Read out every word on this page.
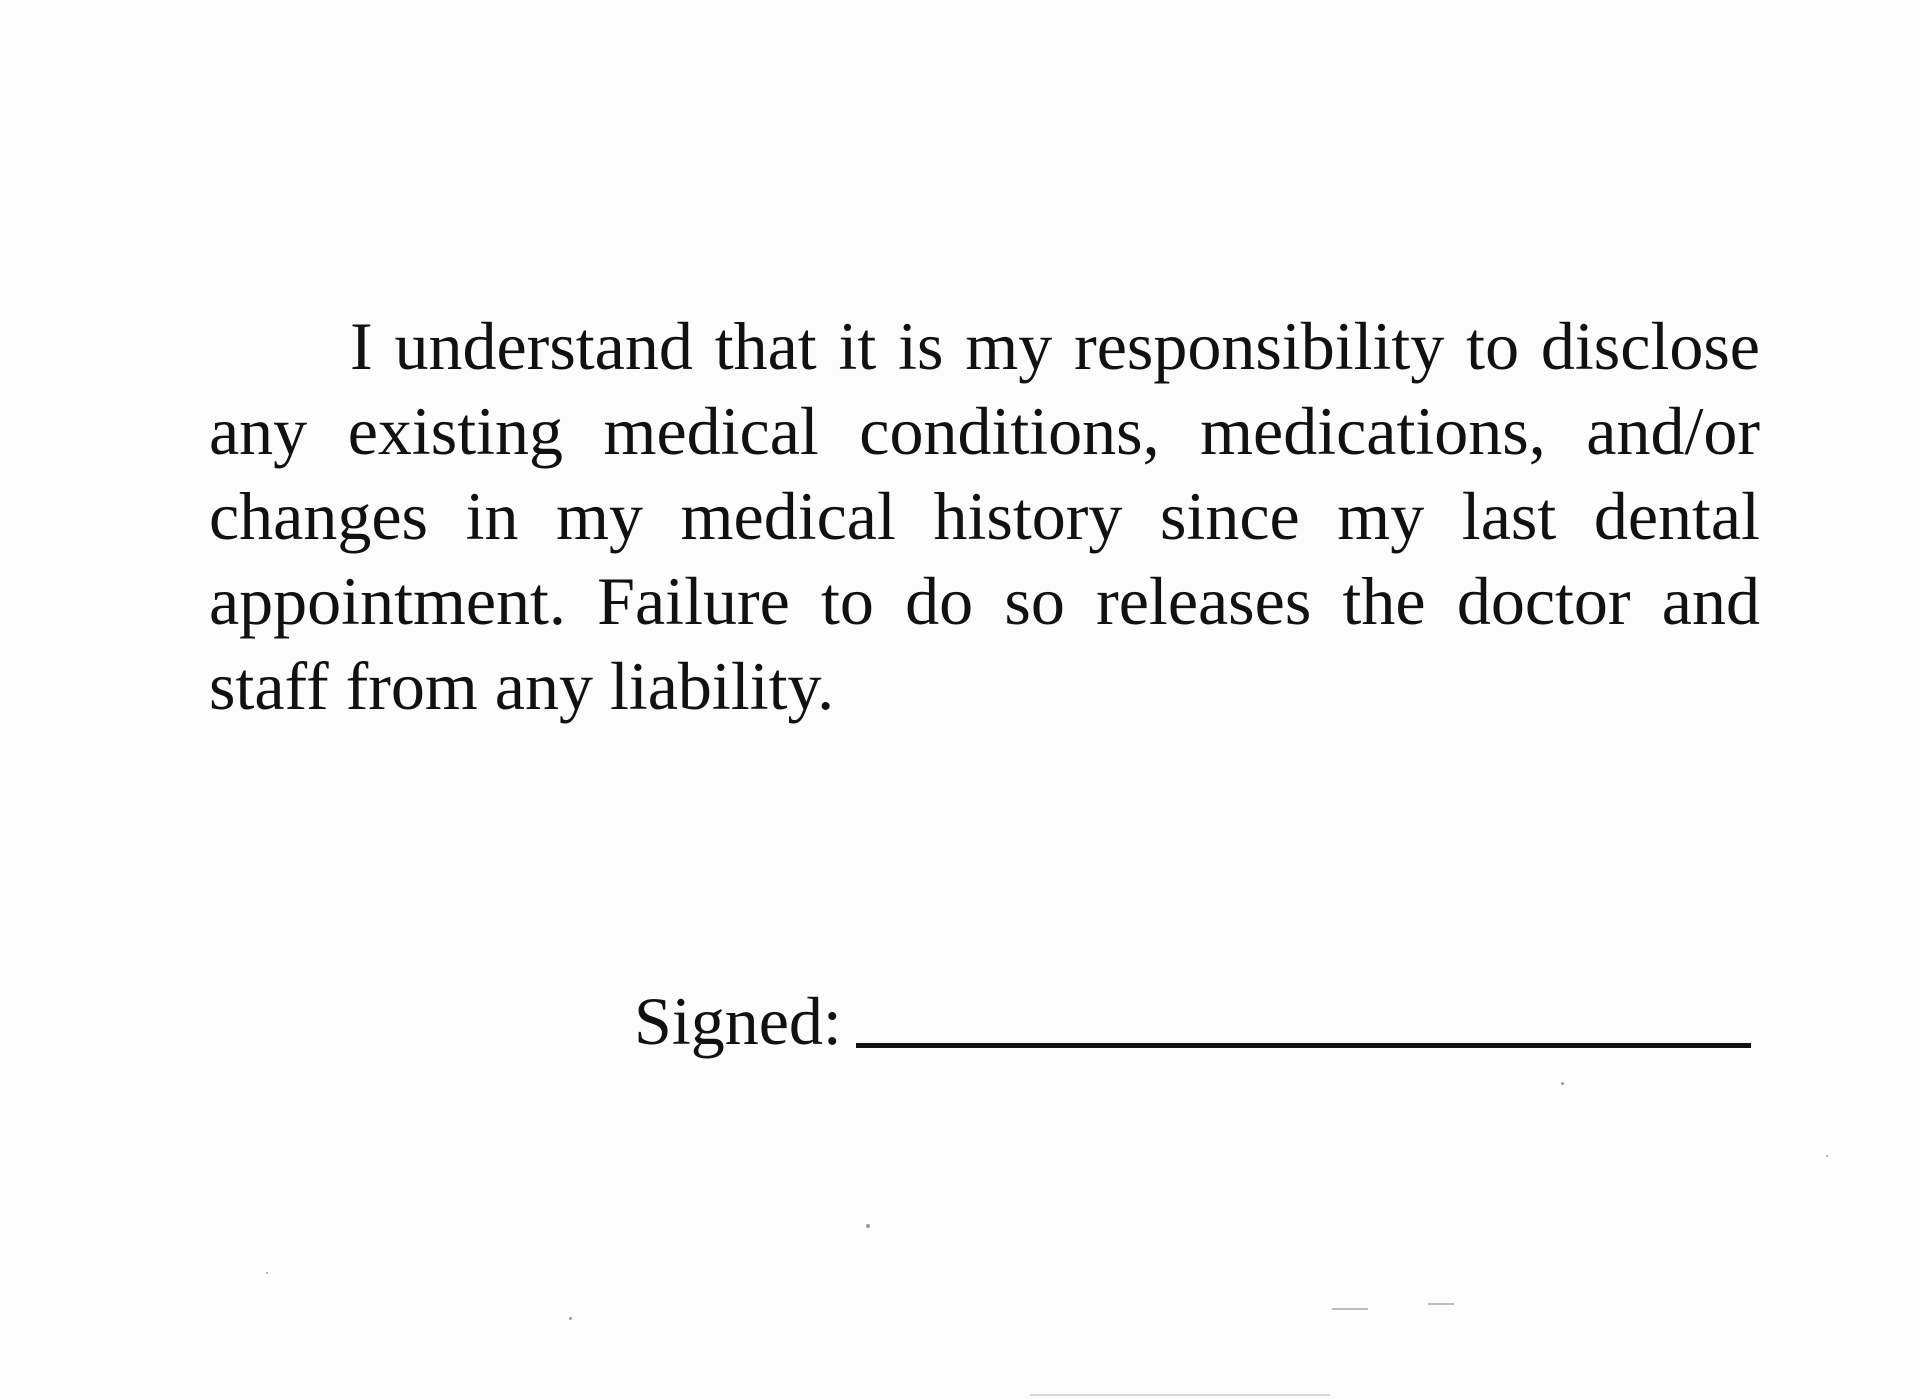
I understand that it is my responsibility to disclose any existing medical conditions, medications, and/or changes in my medical history since my last dental appointment. Failure to do so releases the doctor and staff from any liability.

Signed:
